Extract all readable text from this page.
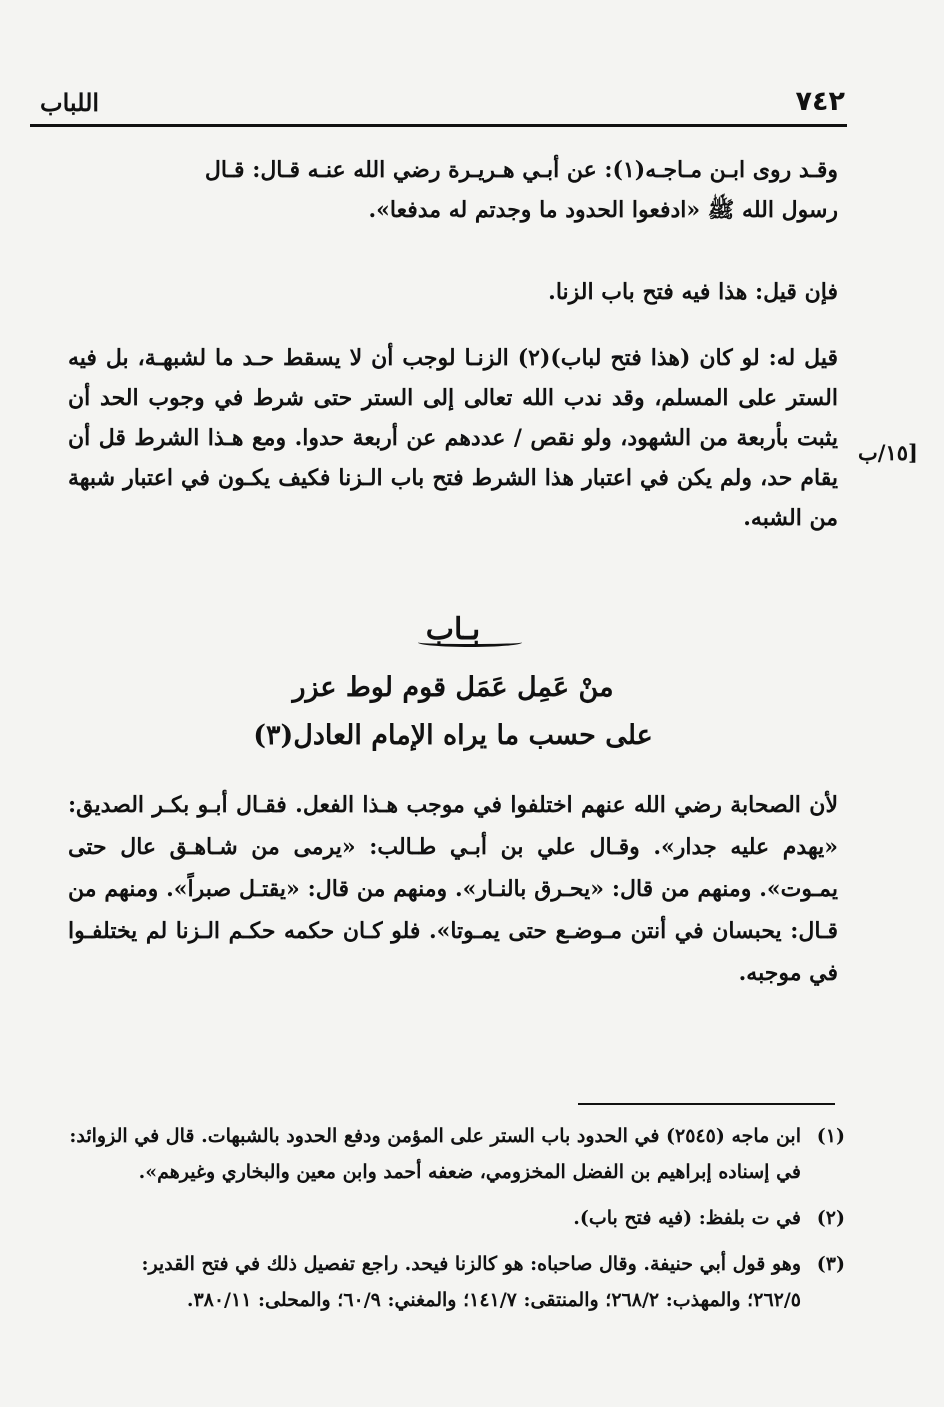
٧٤٢
اللباب
وقـد روى ابـن مـاجـه(١): عن أبـي هـريـرة رضي الله عنـه قـال: قـال
رسول الله ﷺ «ادفعوا الحدود ما وجدتم له مدفعا».
فإن قيل: هذا فيه فتح باب الزنا.
قيل له: لو كان (هذا فتح لباب)(٢) الزنـا لوجب أن لا يسقط حـد ما لشبهـة، بل فيه الستر على المسلم، وقد ندب الله تعالى إلى الستر حتى شرط في وجوب الحد أن يثبت بأربعة من الشهود، ولو نقص / عددهم عن أربعة حدوا. ومع هـذا الشرط قل أن يقام حد، ولم يكن في اعتبار هذا الشرط فتح باب الـزنا فكيف يكـون في اعتبار شبهة من الشبه.
١٥/ب]
بـاب
منْ عَمِل عَمَل قوم لوط عزر
على حسب ما يراه الإمام العادل(٣)
لأن الصحابة رضي الله عنهم اختلفوا في موجب هـذا الفعل. فقـال أبـو بكـر الصديق: «يهدم عليه جدار». وقـال علي بن أبـي طـالب: «يرمى من شـاهـق عال حتى يمـوت». ومنهم من قال: «يحـرق بالنـار». ومنهم من قال: «يقتـل صبراً». ومنهم من قـال: يحبسان في أنتن مـوضـع حتى يمـوتا». فلو كـان حكمه حكـم الـزنا لم يختلفـوا في موجبه.
(١)
ابن ماجه (٢٥٤٥) في الحدود باب الستر على المؤمن ودفع الحدود بالشبهات. قال في الزوائد:
في إسناده إبراهيم بن الفضل المخزومي، ضعفه أحمد وابن معين والبخاري وغيرهم».
(٢)
في ت بلفظ: (فيه فتح باب).
(٣)
وهو قول أبي حنيفة. وقال صاحباه: هو كالزنا فيحد. راجع تفصيل ذلك في فتح القدير:
٢٦٢/٥؛ والمهذب: ٢٦٨/٢؛ والمنتقى: ١٤١/٧؛ والمغني: ٦٠/٩؛ والمحلى: ٣٨٠/١١.
